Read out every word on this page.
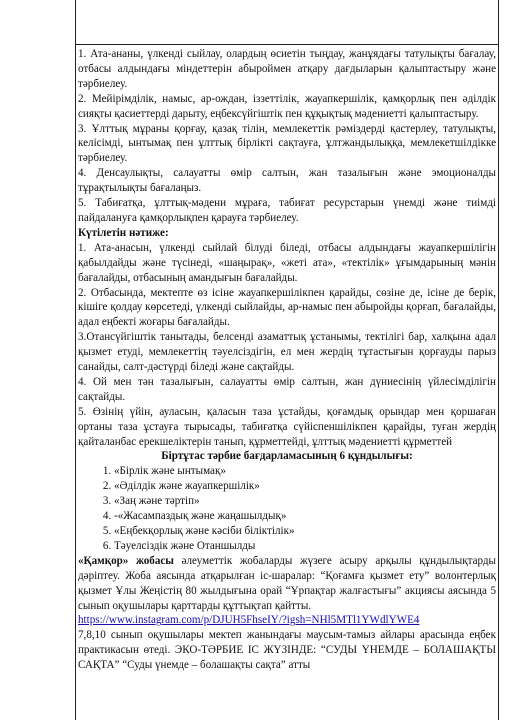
1. Ата-ананы, үлкенді сыйлау, олардың өсиетін тыңдау, жанұядағы татулықты бағалау, отбасы алдындағы міндеттерін абыроймен атқару дағдыларын қалыптастыру және тәрбиелеу.

2. Мейірімділік, намыс, ар-ождан, іззеттілік, жауапкершілік, қамқорлық пен әділдік сияқты қасиеттерді дарыту, еңбексүйгіштік пен құқықтық мәдениетті қалыптастыру.

3. Ұлттық мұраны қорғау, қазақ тілін, мемлекеттік рәміздерді қастерлеу, татулықты, келісімді, ынтымақ пен ұлттық бірлікті сақтауға, ұлтжандылыққа, мемлекетшілдікке тәрбиелеу.

4. Денсаулықты, салауатты өмір салтын, жан тазалығын және эмоционалды тұрақтылықты бағалаңыз.

5. Табиғатқа, ұлттық-мәдени мұраға, табиғат ресурстарын үнемді және тиімді пайдалануға қамқорлықпен қарауға тәрбиелеу.

Күтілетін нәтиже:

1. Ата-анасын, үлкенді сыйлай білуді біледі, отбасы алдындағы жауапкершілігін қабылдайды және түсінеді, «шаңырақ», «жеті ата», «тектілік» ұғымдарының мәнін бағалайды, отбасының амандығын бағалайды.

2. Отбасында, мектепте өз ісіне жауапкершілікпен қарайды, сөзіне де, ісіне де берік, кішіге қолдау көрсетеді, үлкенді сыйлайды, ар-намыс пен абыройды қорғап, бағалайды, адал еңбекті жоғары бағалайды.

3.Отансүйгіштік танытады, белсенді азаматтық ұстанымы, тектілігі бар, халқына адал қызмет етуді, мемлекеттің тәуелсіздігін, ел мен жердің тұтастығын қорғауды парыз санайды, салт-дәстүрді біледі және сақтайды.

4. Ой мен тән тазалығын, салауатты өмір салтын, жан дүниесінің үйлесімділігін сақтайды.

5. Өзінің үйін, ауласын, қаласын таза ұстайды, қоғамдық орындар мен қоршаған ортаны таза ұстауға тырысады, табиғатқа сүйіспеншілікпен қарайды, туған жердің қайталанбас ерекшеліктерін танып, құрметтейді, ұлттық мәдениетті құрметтей

Біртұтас тәрбие бағдарламасының 6 құндылығы:

1. «Бірлік және ынтымақ»
2. «Әділдік және жауапкершілік»
3. «Заң және тәртіп»
4. -«Жасампаздық және жаңашылдық»
5. «Еңбекқорлық және кәсіби біліктілік»
6. Тәуелсіздік және Отаншылды

«Қамқор» жобасы әлеуметтік жобаларды жүзеге асыру арқылы құндылықтарды дәріптеу. Жоба аясында атқарылған іс-шаралар: “Қоғамға қызмет ету” волонтерлық қызмет Ұлы Жеңістің 80 жылдығына орай “Ұрпақтар жалғастығы” акциясы аясында 5 сынып оқушылары қарттарды құттықтап қайтты.

https://www.instagram.com/p/DJUH5FhseIY/?igsh=NHl5MTl1YWdlYWE4

7,8,10 сынып оқушылары мектеп жанындағы маусым-тамыз айлары арасында еңбек практикасын өтеді. ЭКО-ТӘРБИЕ ІС ЖҮЗІНДЕ: “СУДЫ ҮНЕМДЕ – БОЛАШАҚТЫ САҚТА” “Суды үнемде – болашақты сақта” атты
